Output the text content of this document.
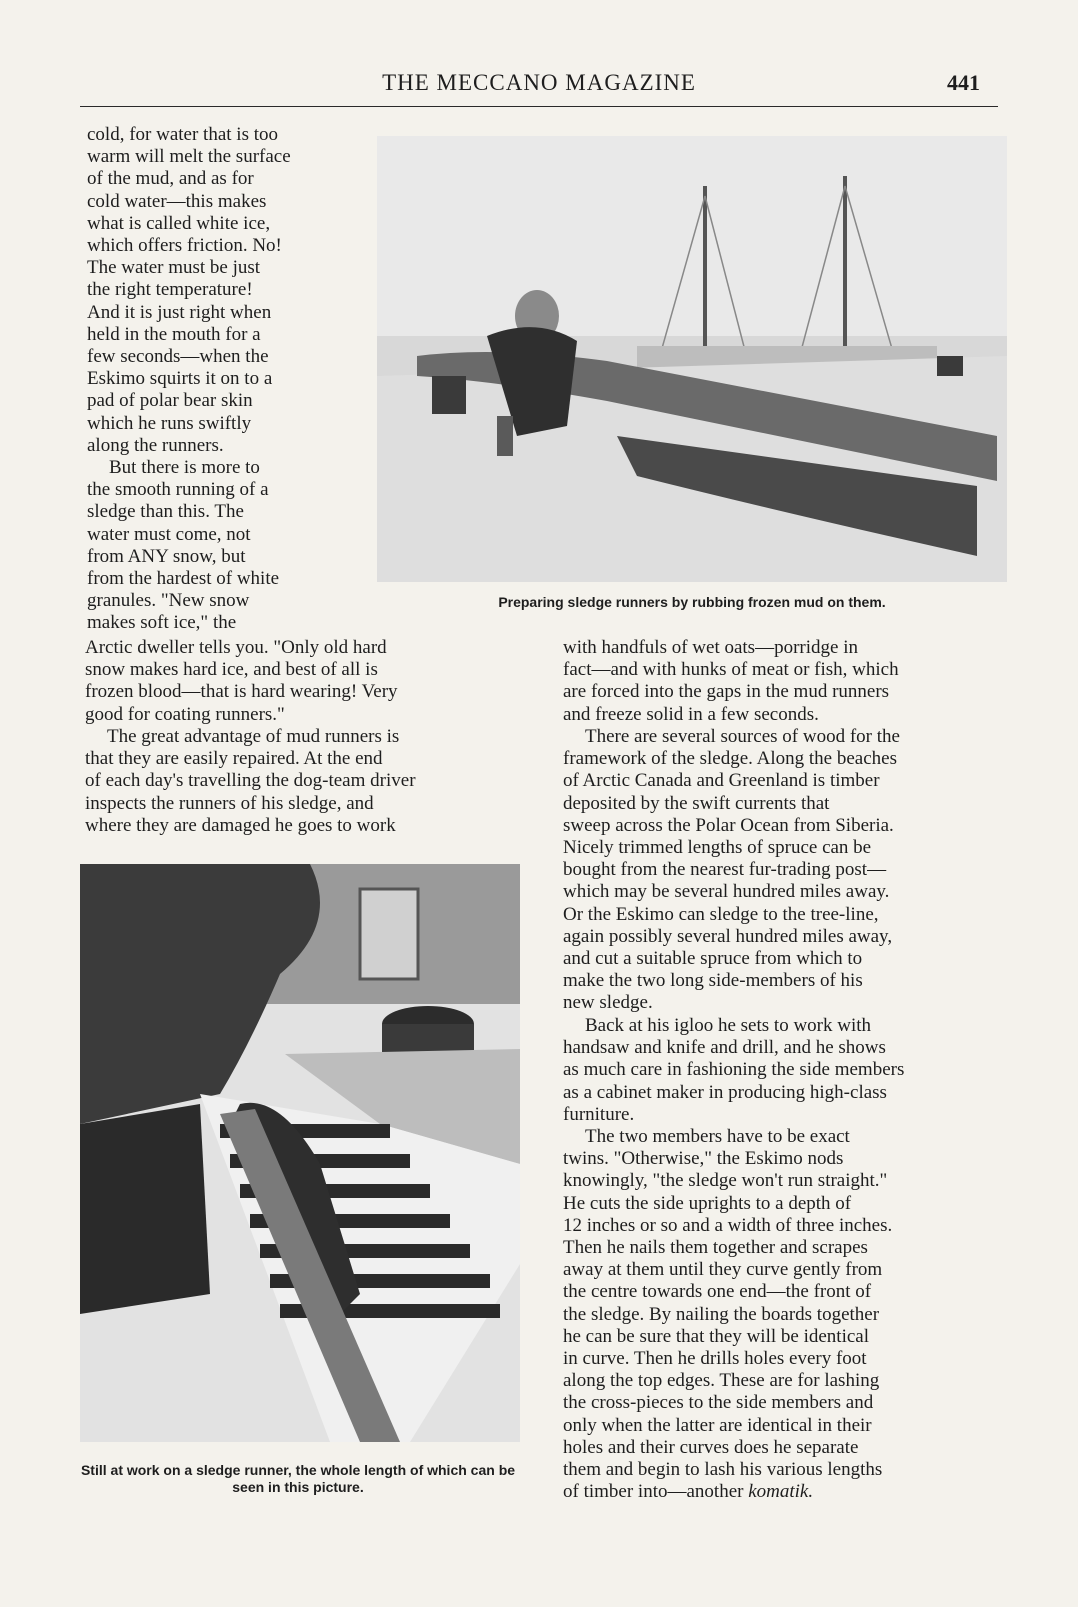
THE MECCANO MAGAZINE	441
cold, for water that is too
warm will melt the surface
of the mud, and as for
cold water—this makes
what is called white ice,
which offers friction. No!
The water must be just
the right temperature!
And it is just right when
held in the mouth for a
few seconds—when the
Eskimo squirts it on to a
pad of polar bear skin
which he runs swiftly
along the runners.
But there is more to
the smooth running of a
sledge than this. The
water must come, not
from ANY snow, but
from the hardest of white
granules. "New snow
makes soft ice," the
Arctic dweller tells you. "Only old hard
snow makes hard ice, and best of all is
frozen blood—that is hard wearing! Very
good for coating runners."
The great advantage of mud runners is
that they are easily repaired. At the end
of each day's travelling the dog-team driver
inspects the runners of his sledge, and
where they are damaged he goes to work

Preparing sledge runners by rubbing frozen mud on them.

Still at work on a sledge runner, the whole length of which can be seen in this picture.

with handfuls of wet oats—porridge in
fact—and with hunks of meat or fish, which
are forced into the gaps in the mud runners
and freeze solid in a few seconds.
There are several sources of wood for the
framework of the sledge. Along the beaches
of Arctic Canada and Greenland is timber
deposited by the swift currents that
sweep across the Polar Ocean from Siberia.
Nicely trimmed lengths of spruce can be
bought from the nearest fur-trading post—
which may be several hundred miles away.
Or the Eskimo can sledge to the tree-line,
again possibly several hundred miles away,
and cut a suitable spruce from which to
make the two long side-members of his
new sledge.
Back at his igloo he sets to work with
handsaw and knife and drill, and he shows
as much care in fashioning the side members
as a cabinet maker in producing high-class
furniture.
The two members have to be exact
twins. "Otherwise," the Eskimo nods
knowingly, "the sledge won't run straight."
He cuts the side uprights to a depth of
12 inches or so and a width of three inches.
Then he nails them together and scrapes
away at them until they curve gently from
the centre towards one end—the front of
the sledge. By nailing the boards together
he can be sure that they will be identical
in curve. Then he drills holes every foot
along the top edges. These are for lashing
the cross-pieces to the side members and
only when the latter are identical in their
holes and their curves does he separate
them and begin to lash his various lengths
of timber into—another komatik.
